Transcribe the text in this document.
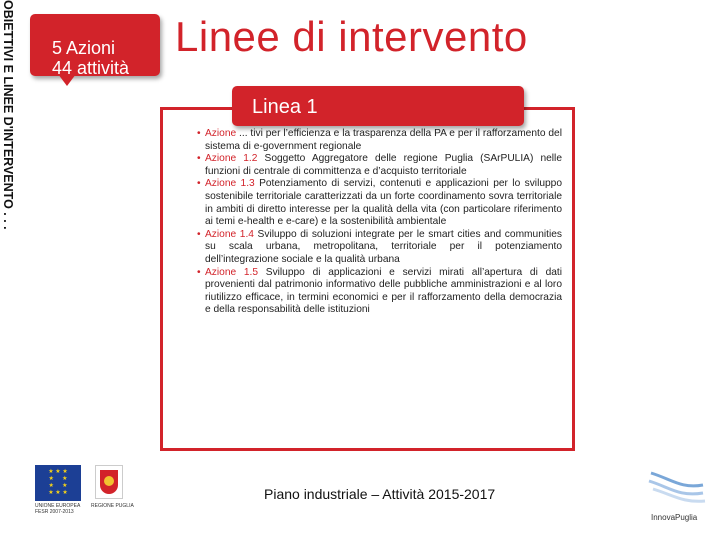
OBIETTIVI E LINEE D'INTERVENTO . . . 5 Azioni
44 attività
Linee di intervento
Linea 1
• Azione ... tivi per l’efficienza e la trasparenza della PA e per il rafforzamento del sistema di e-government regionale
• Azione 1.2 Soggetto Aggregatore delle regione Puglia (SArPULIA) nelle funzioni di centrale di committenza e d’acquisto territoriale
• Azione 1.3 Potenziamento di servizi, contenuti e applicazioni per lo sviluppo sostenibile territoriale caratterizzati da un forte coordinamento sovra territoriale in ambiti di diretto interesse per la qualità della vita (con particolare riferimento ai temi e-health e e-care) e la sostenibilità ambientale
• Azione 1.4 Sviluppo di soluzioni integrate per le smart cities and communities su scala urbana, metropolitana, territoriale per il potenziamento dell’integrazione sociale e la qualità urbana
• Azione 1.5 Sviluppo di applicazioni e servizi mirati all’apertura di dati provenienti dal patrimonio informativo delle pubbliche amministrazioni e al loro riutilizzo efficace, in termini economici e per il rafforzamento della democrazia e della responsabilità delle istituzioni
Piano industriale – Attività 2015-2017
★ ★ ★
★     ★
★     ★
★ ★ ★
UNIONE EUROPEA
FESR 2007-2013
REGIONE PUGLIA
InnovaPuglia
